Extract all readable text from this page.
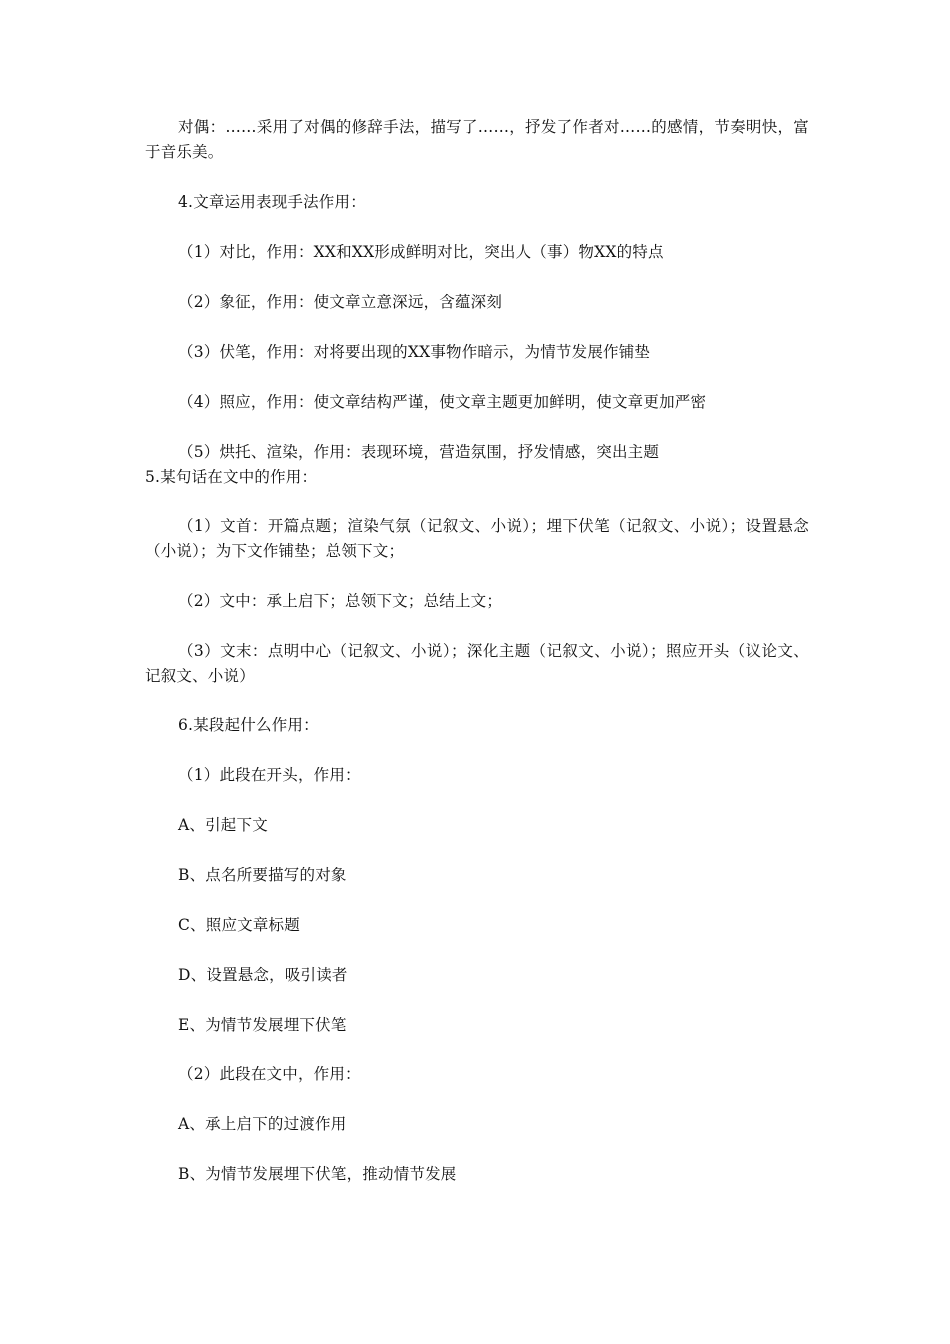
对偶：……采用了对偶的修辞手法，描写了……，抒发了作者对……的感情，节奏明快，富于音乐美。
4.文章运用表现手法作用：
（1）对比，作用：XX和XX形成鲜明对比，突出人（事）物XX的特点
（2）象征，作用：使文章立意深远，含蕴深刻
（3）伏笔，作用：对将要出现的XX事物作暗示，为情节发展作铺垫
（4）照应，作用：使文章结构严谨，使文章主题更加鲜明，使文章更加严密
（5）烘托、渲染，作用：表现环境，营造氛围，抒发情感，突出主题
5.某句话在文中的作用：
（1）文首：开篇点题；渲染气氛（记叙文、小说）；埋下伏笔（记叙文、小说）；设置悬念（小说）；为下文作铺垫；总领下文；
（2）文中：承上启下；总领下文；总结上文；
（3）文末：点明中心（记叙文、小说）；深化主题（记叙文、小说）；照应开头（议论文、记叙文、小说）
6.某段起什么作用：
（1）此段在开头，作用：
A、引起下文
B、点名所要描写的对象
C、照应文章标题
D、设置悬念，吸引读者
E、为情节发展埋下伏笔
（2）此段在文中，作用：
A、承上启下的过渡作用
B、为情节发展埋下伏笔，推动情节发展
